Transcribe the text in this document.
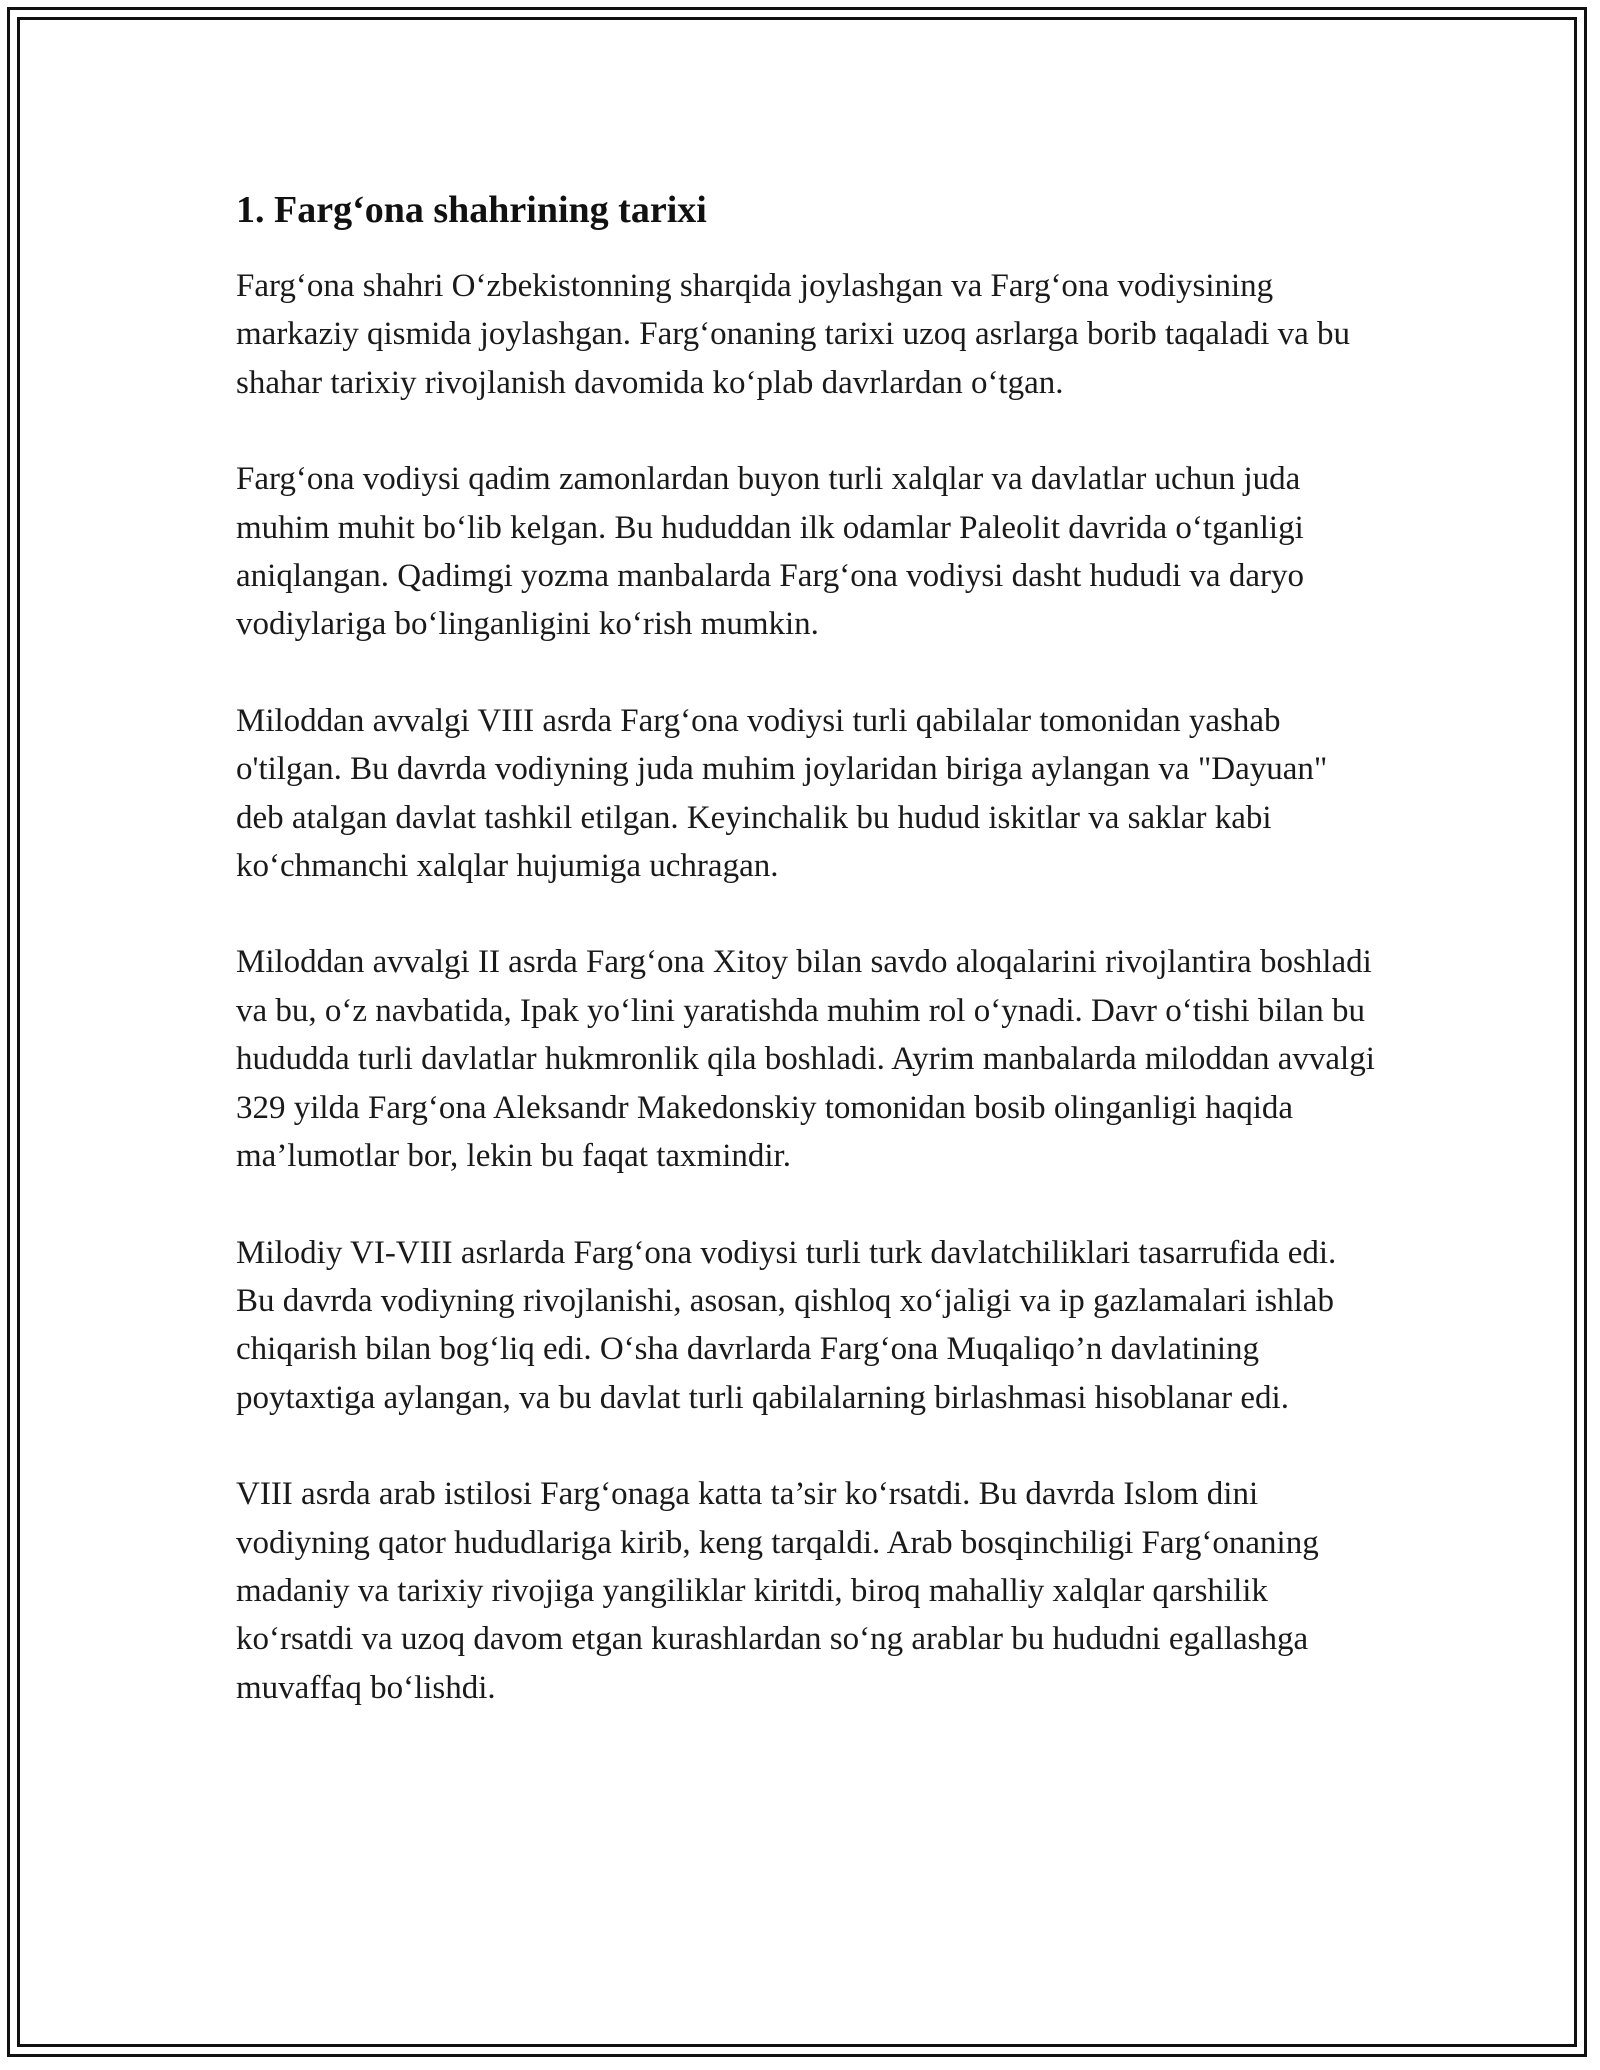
1. Farg‘ona shahrining tarixi

Farg‘ona shahri O‘zbekistonning sharqida joylashgan va Farg‘ona vodiysining markaziy qismida joylashgan. Farg‘onaning tarixi uzoq asrlarga borib taqaladi va bu shahar tarixiy rivojlanish davomida ko‘plab davrlardan o‘tgan.

Farg‘ona vodiysi qadim zamonlardan buyon turli xalqlar va davlatlar uchun juda muhim muhit bo‘lib kelgan. Bu hududdan ilk odamlar Paleolit davrida o‘tganligi aniqlangan. Qadimgi yozma manbalarda Farg‘ona vodiysi dasht hududi va daryo vodiylariga bo‘linganligini ko‘rish mumkin.

Miloddan avvalgi VIII asrda Farg‘ona vodiysi turli qabilalar tomonidan yashab o'tilgan. Bu davrda vodiyning juda muhim joylaridan biriga aylangan va "Dayuan" deb atalgan davlat tashkil etilgan. Keyinchalik bu hudud iskitlar va saklar kabi ko‘chmanchi xalqlar hujumiga uchragan.

Miloddan avvalgi II asrda Farg‘ona Xitoy bilan savdo aloqalarini rivojlantira boshladi va bu, o‘z navbatida, Ipak yo‘lini yaratishda muhim rol o‘ynadi. Davr o‘tishi bilan bu hududda turli davlatlar hukmronlik qila boshladi. Ayrim manbalarda miloddan avvalgi 329 yilda Farg‘ona Aleksandr Makedonskiy tomonidan bosib olinganligi haqida ma’lumotlar bor, lekin bu faqat taxmindir.

Milodiy VI-VIII asrlarda Farg‘ona vodiysi turli turk davlatchiliklari tasarrufida edi. Bu davrda vodiyning rivojlanishi, asosan, qishloq xo‘jaligi va ip gazlamalari ishlab chiqarish bilan bog‘liq edi. O‘sha davrlarda Farg‘ona Muqaliqo’n davlatining poytaxtiga aylangan, va bu davlat turli qabilalarning birlashmasi hisoblanar edi.

VIII asrda arab istilosi Farg‘onaga katta ta’sir ko‘rsatdi. Bu davrda Islom dini vodiyning qator hududlariga kirib, keng tarqaldi. Arab bosqinchiligi Farg‘onaning madaniy va tarixiy rivojiga yangiliklar kiritdi, biroq mahalliy xalqlar qarshilik ko‘rsatdi va uzoq davom etgan kurashlardan so‘ng arablar bu hududni egallashga muvaffaq bo‘lishdi.
